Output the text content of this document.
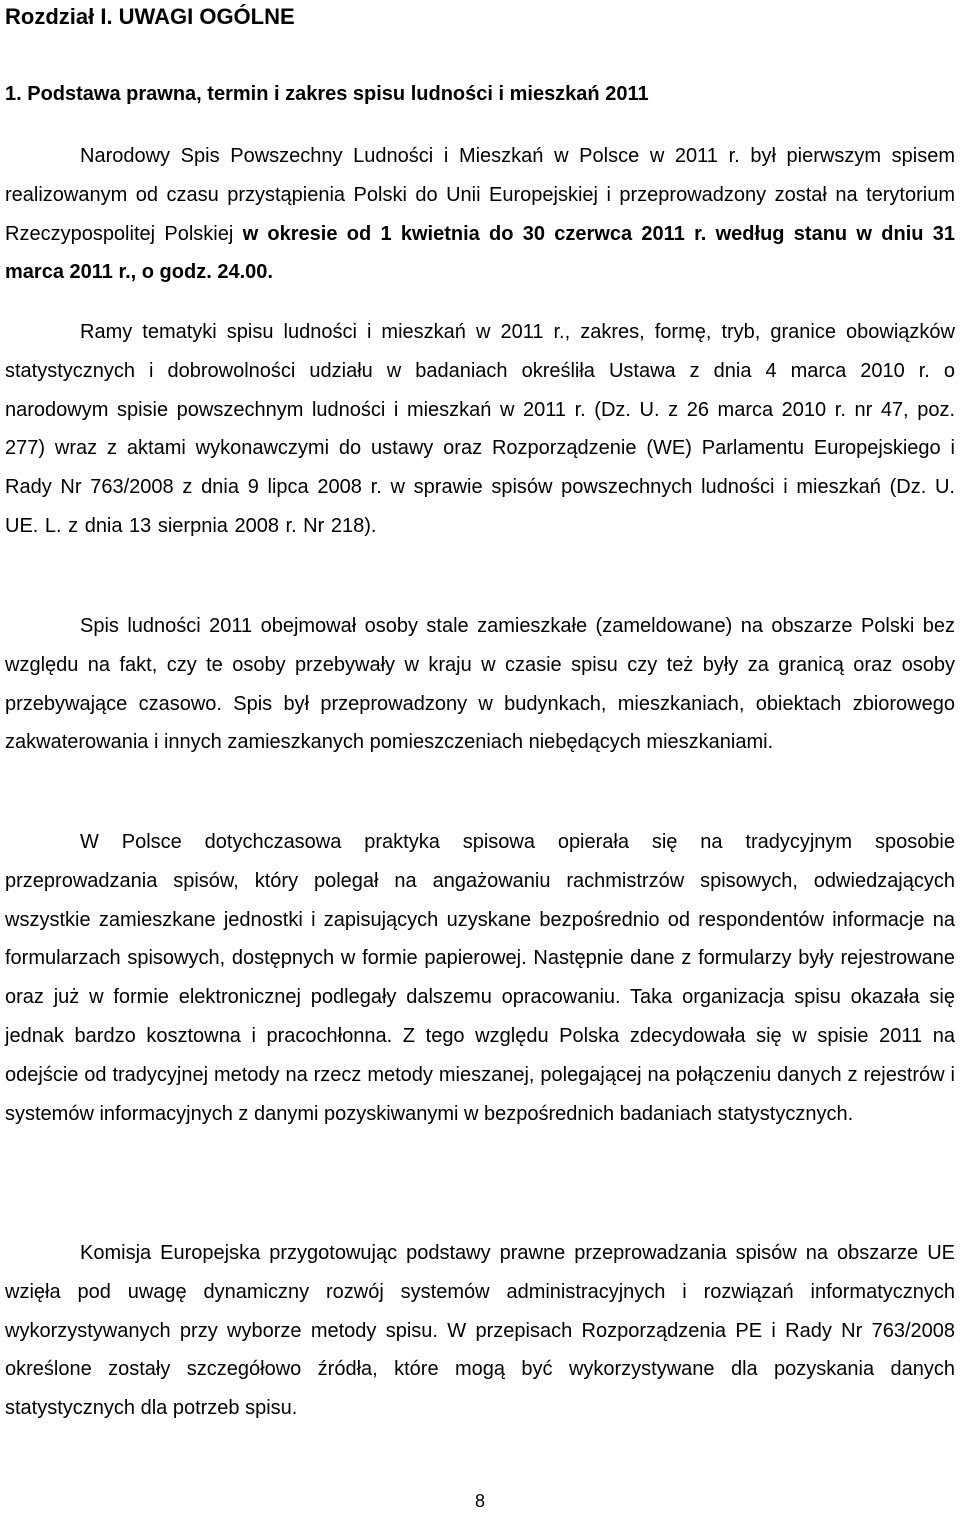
Rozdział I. UWAGI OGÓLNE
1. Podstawa prawna, termin i zakres spisu ludności i mieszkań 2011

Narodowy Spis Powszechny Ludności i Mieszkań w Polsce w 2011 r. był pierwszym spisem realizowanym od czasu przystąpienia Polski do Unii Europejskiej i przeprowadzony został na terytorium Rzeczypospolitej Polskiej w okresie od 1 kwietnia do 30 czerwca 2011 r. według stanu w dniu 31 marca 2011 r., o godz. 24.00.

Ramy tematyki spisu ludności i mieszkań w 2011 r., zakres, formę, tryb, granice obowiązków statystycznych i dobrowolności udziału w badaniach określiła Ustawa z dnia 4 marca 2010 r. o narodowym spisie powszechnym ludności i mieszkań w 2011 r. (Dz. U. z 26 marca 2010 r. nr 47, poz. 277) wraz z aktami wykonawczymi do ustawy oraz Rozporządzenie (WE) Parlamentu Europejskiego i Rady Nr 763/2008 z dnia 9 lipca 2008 r. w sprawie spisów powszechnych ludności i mieszkań (Dz. U. UE. L. z dnia 13 sierpnia 2008 r. Nr 218).

Spis ludności 2011 obejmował osoby stale zamieszkałe (zameldowane) na obszarze Polski bez względu na fakt, czy te osoby przebywały w kraju w czasie spisu czy też były za granicą oraz osoby przebywające czasowo. Spis był przeprowadzony w budynkach, mieszkaniach, obiektach zbiorowego zakwaterowania i innych zamieszkanych pomieszczeniach niebędących mieszkaniami.

W Polsce dotychczasowa praktyka spisowa opierała się na tradycyjnym sposobie przeprowadzania spisów, który polegał na angażowaniu rachmistrzów spisowych, odwiedzających wszystkie zamieszkane jednostki i zapisujących uzyskane bezpośrednio od respondentów informacje na formularzach spisowych, dostępnych w formie papierowej. Następnie dane z formularzy były rejestrowane oraz już w formie elektronicznej podlegały dalszemu opracowaniu. Taka organizacja spisu okazała się jednak bardzo kosztowna i pracochłonna. Z tego względu Polska zdecydowała się w spisie 2011 na odejście od tradycyjnej metody na rzecz metody mieszanej, polegającej na połączeniu danych z rejestrów i systemów informacyjnych z danymi pozyskiwanymi w bezpośrednich badaniach statystycznych.

Komisja Europejska przygotowując podstawy prawne przeprowadzania spisów na obszarze UE wzięła pod uwagę dynamiczny rozwój systemów administracyjnych i rozwiązań informatycznych wykorzystywanych przy wyborze metody spisu. W przepisach Rozporządzenia PE i Rady Nr 763/2008 określone zostały szczegółowo źródła, które mogą być wykorzystywane dla pozyskania danych statystycznych dla potrzeb spisu.

8
